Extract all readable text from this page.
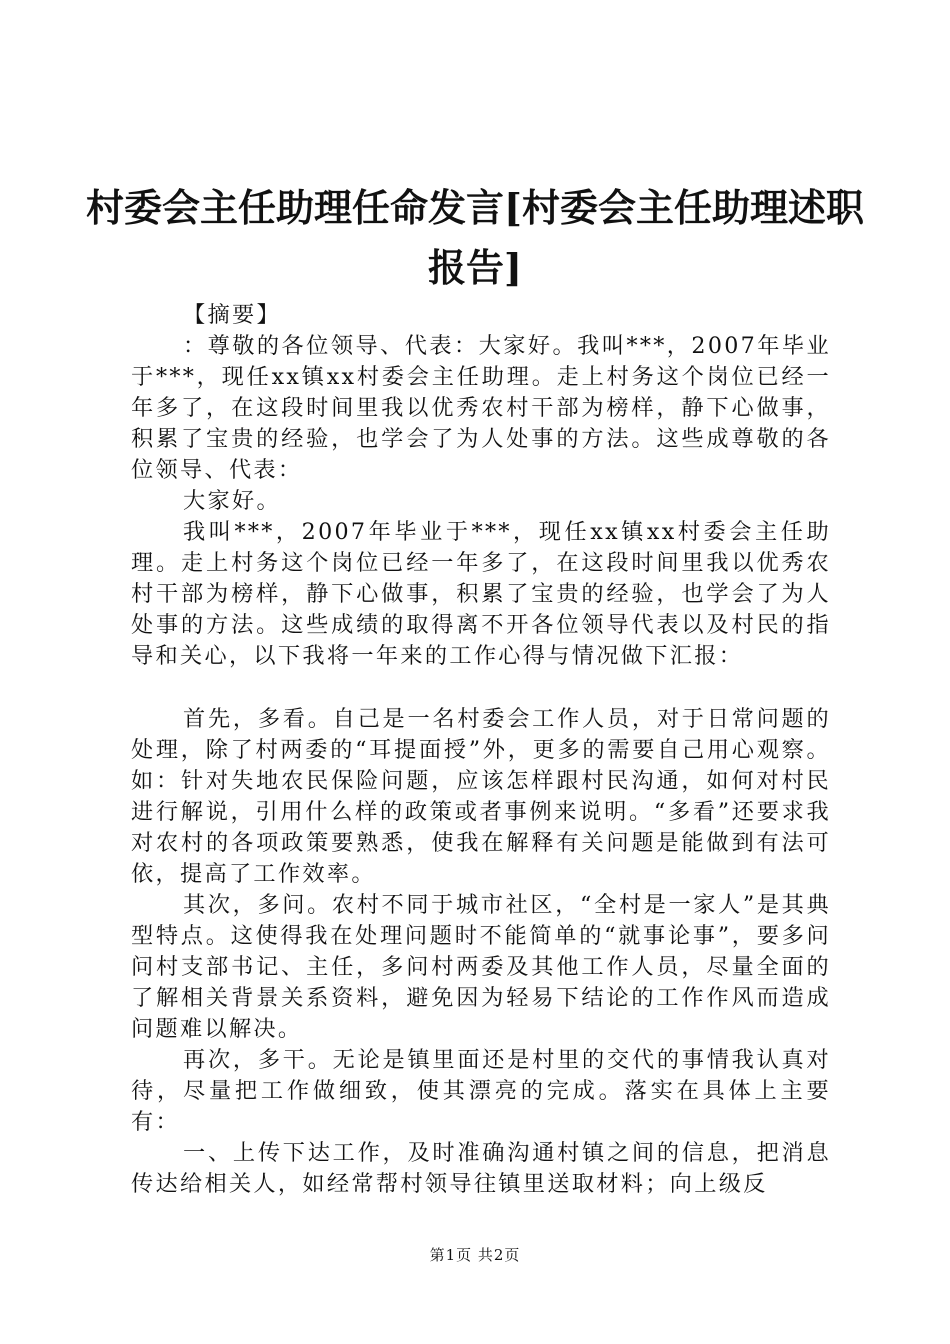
村委会主任助理任命发言[村委会主任助理述职报告]

【摘要】

：尊敬的各位领导、代表：大家好。我叫***，2007年毕业于***，现任xx镇xx村委会主任助理。走上村务这个岗位已经一年多了，在这段时间里我以优秀农村干部为榜样，静下心做事，积累了宝贵的经验，也学会了为人处事的方法。这些成尊敬的各位领导、代表：

大家好。

我叫***，2007年毕业于***，现任xx镇xx村委会主任助理。走上村务这个岗位已经一年多了，在这段时间里我以优秀农村干部为榜样，静下心做事，积累了宝贵的经验，也学会了为人处事的方法。这些成绩的取得离不开各位领导代表以及村民的指导和关心，以下我将一年来的工作心得与情况做下汇报：

首先，多看。自己是一名村委会工作人员，对于日常问题的处理，除了村两委的“耳提面授”外，更多的需要自己用心观察。如：针对失地农民保险问题，应该怎样跟村民沟通，如何对村民进行解说，引用什么样的政策或者事例来说明。“多看”还要求我对农村的各项政策要熟悉，使我在解释有关问题是能做到有法可依，提高了工作效率。

其次，多问。农村不同于城市社区，“全村是一家人”是其典型特点。这使得我在处理问题时不能简单的“就事论事”，要多问问村支部书记、主任，多问村两委及其他工作人员，尽量全面的了解相关背景关系资料，避免因为轻易下结论的工作作风而造成问题难以解决。

再次，多干。无论是镇里面还是村里的交代的事情我认真对待，尽量把工作做细致，使其漂亮的完成。落实在具体上主要有：

一、上传下达工作，及时准确沟通村镇之间的信息，把消息传达给相关人，如经常帮村领导往镇里送取材料；向上级反

第1页 共2页
